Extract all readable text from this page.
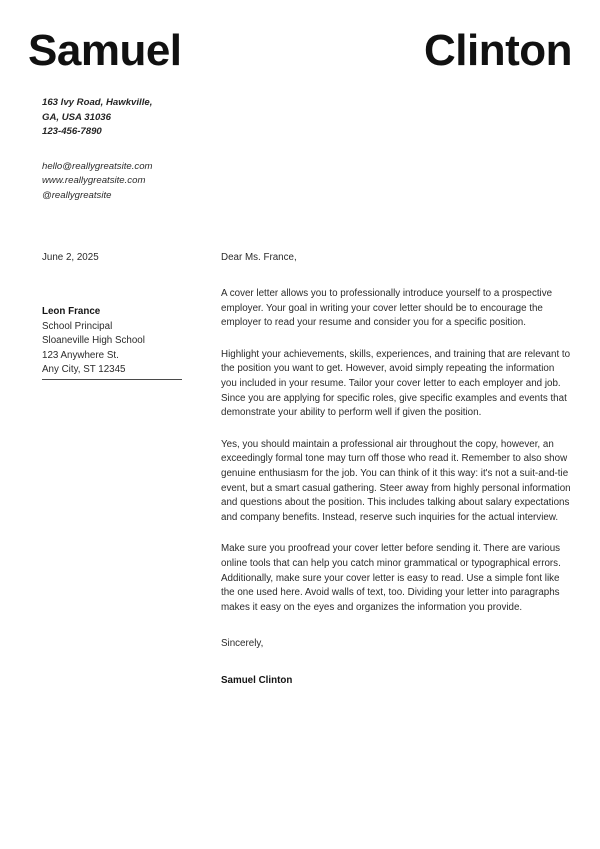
Samuel	Clinton
163 Ivy Road, Hawkville,
GA, USA 31036
123-456-7890
hello@reallygreatsite.com
www.reallygreatsite.com
@reallygreatsite
June 2, 2025
Leon France
School Principal
Sloaneville High School
123 Anywhere St.
Any City, ST 12345

Dear Ms. France,

A cover letter allows you to professionally introduce yourself to a prospective employer. Your goal in writing your cover letter should be to encourage the employer to read your resume and consider you for a specific position.

Highlight your achievements, skills, experiences, and training that are relevant to the position you want to get. However, avoid simply repeating the information you included in your resume. Tailor your cover letter to each employer and job. Since you are applying for specific roles, give specific examples and events that demonstrate your ability to perform well if given the position.

Yes, you should maintain a professional air throughout the copy, however, an exceedingly formal tone may turn off those who read it. Remember to also show genuine enthusiasm for the job. You can think of it this way: it's not a suit-and-tie event, but a smart casual gathering. Steer away from highly personal information and questions about the position. This includes talking about salary expectations and company benefits. Instead, reserve such inquiries for the actual interview.

Make sure you proofread your cover letter before sending it. There are various online tools that can help you catch minor grammatical or typographical errors. Additionally, make sure your cover letter is easy to read. Use a simple font like the one used here. Avoid walls of text, too. Dividing your letter into paragraphs makes it easy on the eyes and organizes the information you provide.

Sincerely,

Samuel Clinton
